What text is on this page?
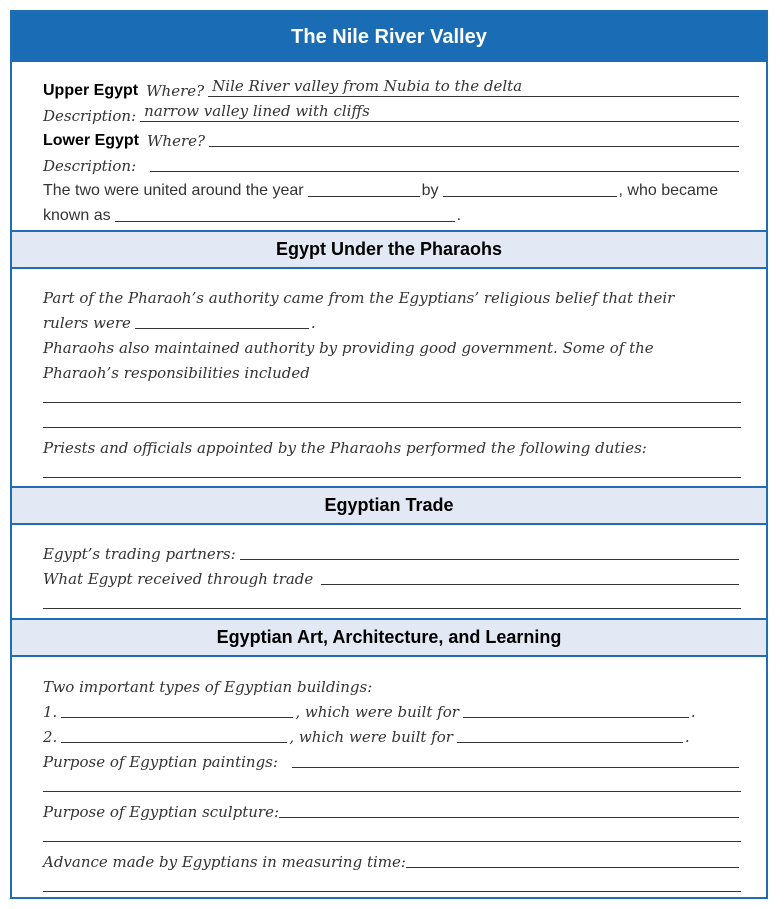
The Nile River Valley
Upper Egypt Where? Nile River valley from Nubia to the delta
Description: narrow valley lined with cliffs
Lower Egypt Where?
Description:
The two were united around the year	by	, who became
known as	.
Egypt Under the Pharaohs
Part of the Pharaoh’s authority came from the Egyptians’ religious belief that their
rulers were	.
Pharaohs also maintained authority by providing good government. Some of the
Pharaoh’s responsibilities included
Priests and officials appointed by the Pharaohs performed the following duties:
Egyptian Trade
Egypt’s trading partners:
What Egypt received through trade
Egyptian Art, Architecture, and Learning
Two important types of Egyptian buildings:
1.	, which were built for	.
2.	, which were built for	.
Purpose of Egyptian paintings:
Purpose of Egyptian sculpture:
Advance made by Egyptians in measuring time:
